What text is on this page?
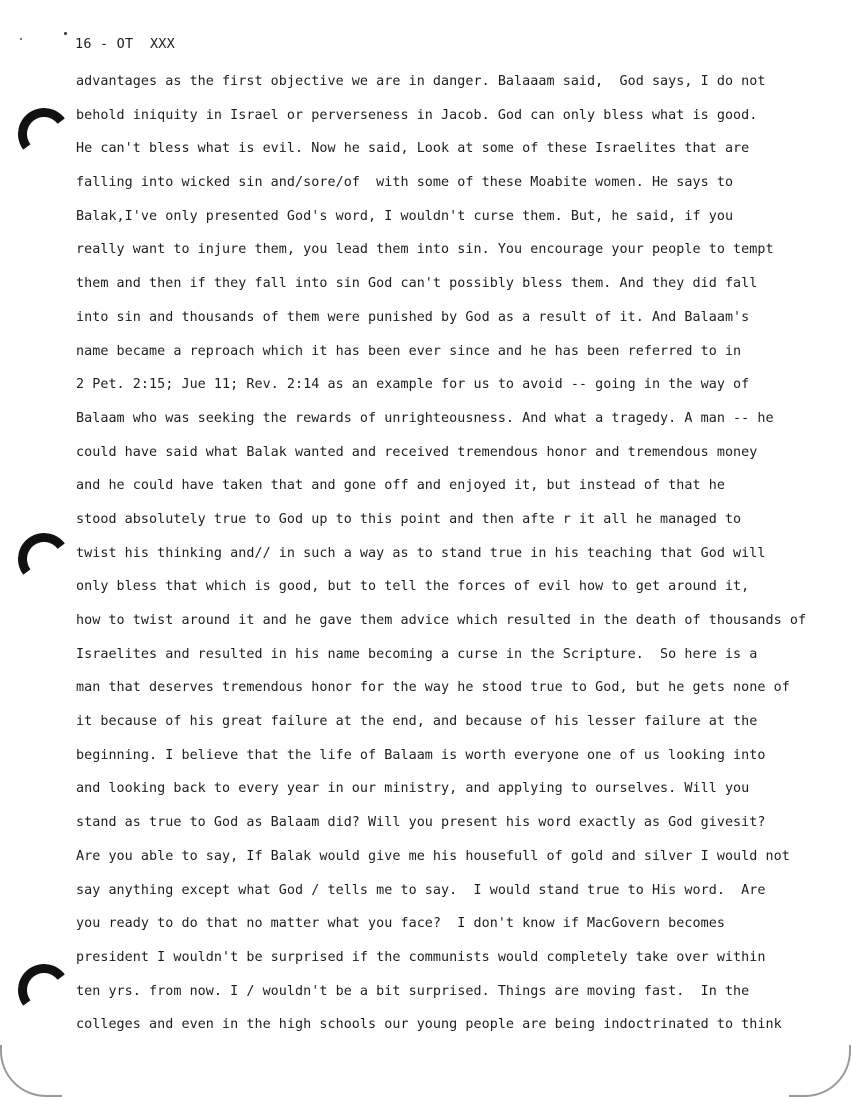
16 - OT  XXX
advantages as the first objective we are in danger. Balaaam said,  God says, I do not
behold iniquity in Israel or perverseness in Jacob. God can only bless what is good.
He can't bless what is evil. Now he said, Look at some of these Israelites that are
falling into wicked sin and/sore/of  with some of these Moabite women. He says to
Balak,I've only presented God's word, I wouldn't curse them. But, he said, if you
really want to injure them, you lead them into sin. You encourage your people to tempt
them and then if they fall into sin God can't possibly bless them. And they did fall
into sin and thousands of them were punished by God as a result of it. And Balaam's
name became a reproach which it has been ever since and he has been referred to in
2 Pet. 2:15; Jue 11; Rev. 2:14 as an example for us to avoid -- going in the way of
Balaam who was seeking the rewards of unrighteousness. And what a tragedy. A man -- he
could have said what Balak wanted and received tremendous honor and tremendous money
and he could have taken that and gone off and enjoyed it, but instead of that he
stood absolutely true to God up to this point and then afte r it all he managed to
twist his thinking and// in such a way as to stand true in his teaching that God will
only bless that which is good, but to tell the forces of evil how to get around it,
how to twist around it and he gave them advice which resulted in the death of thousands of
Israelites and resulted in his name becoming a curse in the Scripture.  So here is a
man that deserves tremendous honor for the way he stood true to God, but he gets none of
it because of his great failure at the end, and because of his lesser failure at the
beginning. I believe that the life of Balaam is worth everyone one of us looking into
and looking back to every year in our ministry, and applying to ourselves. Will you
stand as true to God as Balaam did? Will you present his word exactly as God givesit?
Are you able to say, If Balak would give me his housefull of gold and silver I would not
say anything except what God / tells me to say.  I would stand true to His word.  Are
you ready to do that no matter what you face?  I don't know if MacGovern becomes
president I wouldn't be surprised if the communists would completely take over within
ten yrs. from now. I / wouldn't be a bit surprised. Things are moving fast.  In the
colleges and even in the high schools our young people are being indoctrinated to think
